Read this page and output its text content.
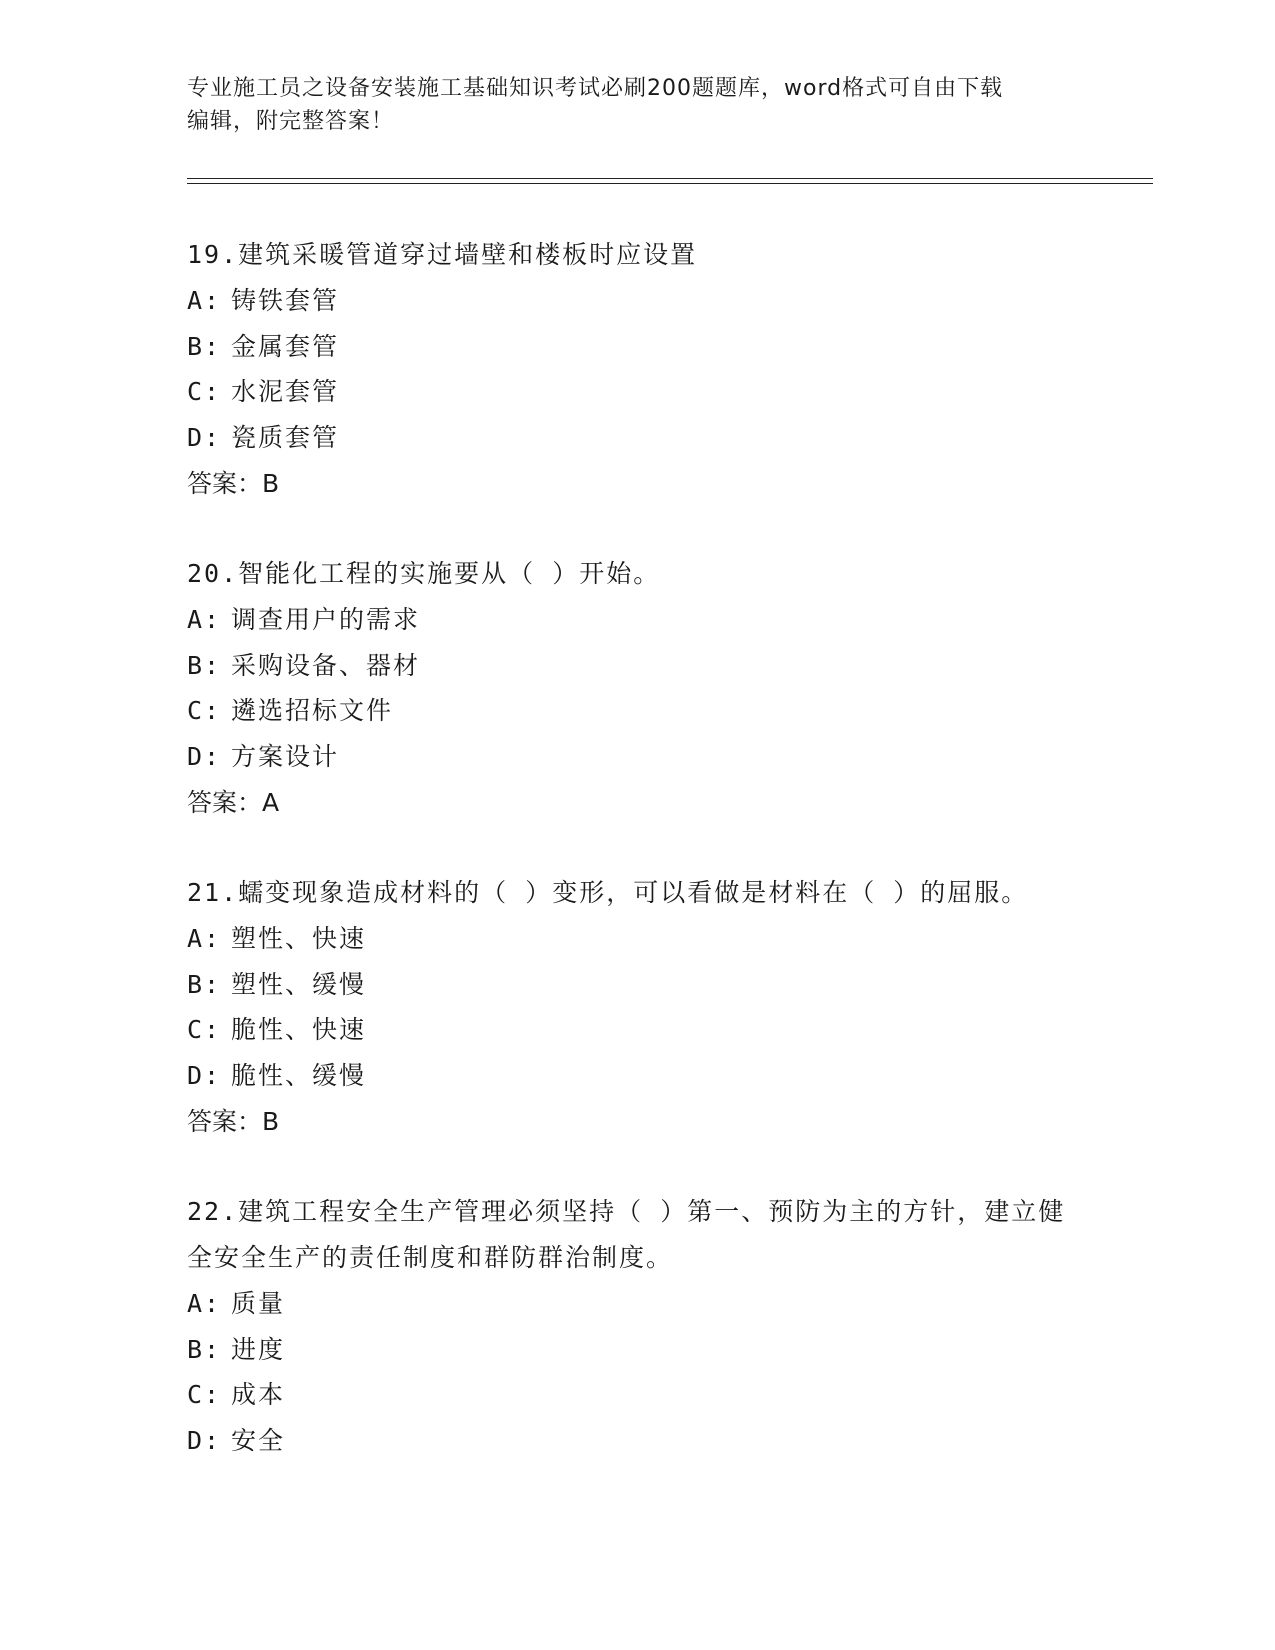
专业施工员之设备安装施工基础知识考试必刷200题题库，word格式可自由下载
编辑，附完整答案！
19.建筑采暖管道穿过墙壁和楼板时应设置
A: 铸铁套管
B: 金属套管
C: 水泥套管
D: 瓷质套管
答案：B
20.智能化工程的实施要从（ ）开始。
A: 调查用户的需求
B: 采购设备、器材
C: 遴选招标文件
D: 方案设计
答案：A
21.蠕变现象造成材料的（ ）变形，可以看做是材料在（ ）的屈服。
A: 塑性、快速
B: 塑性、缓慢
C: 脆性、快速
D: 脆性、缓慢
答案：B
22.建筑工程安全生产管理必须坚持（ ）第一、预防为主的方针，建立健全安全生产的责任制度和群防群治制度。
A: 质量
B: 进度
C: 成本
D: 安全
